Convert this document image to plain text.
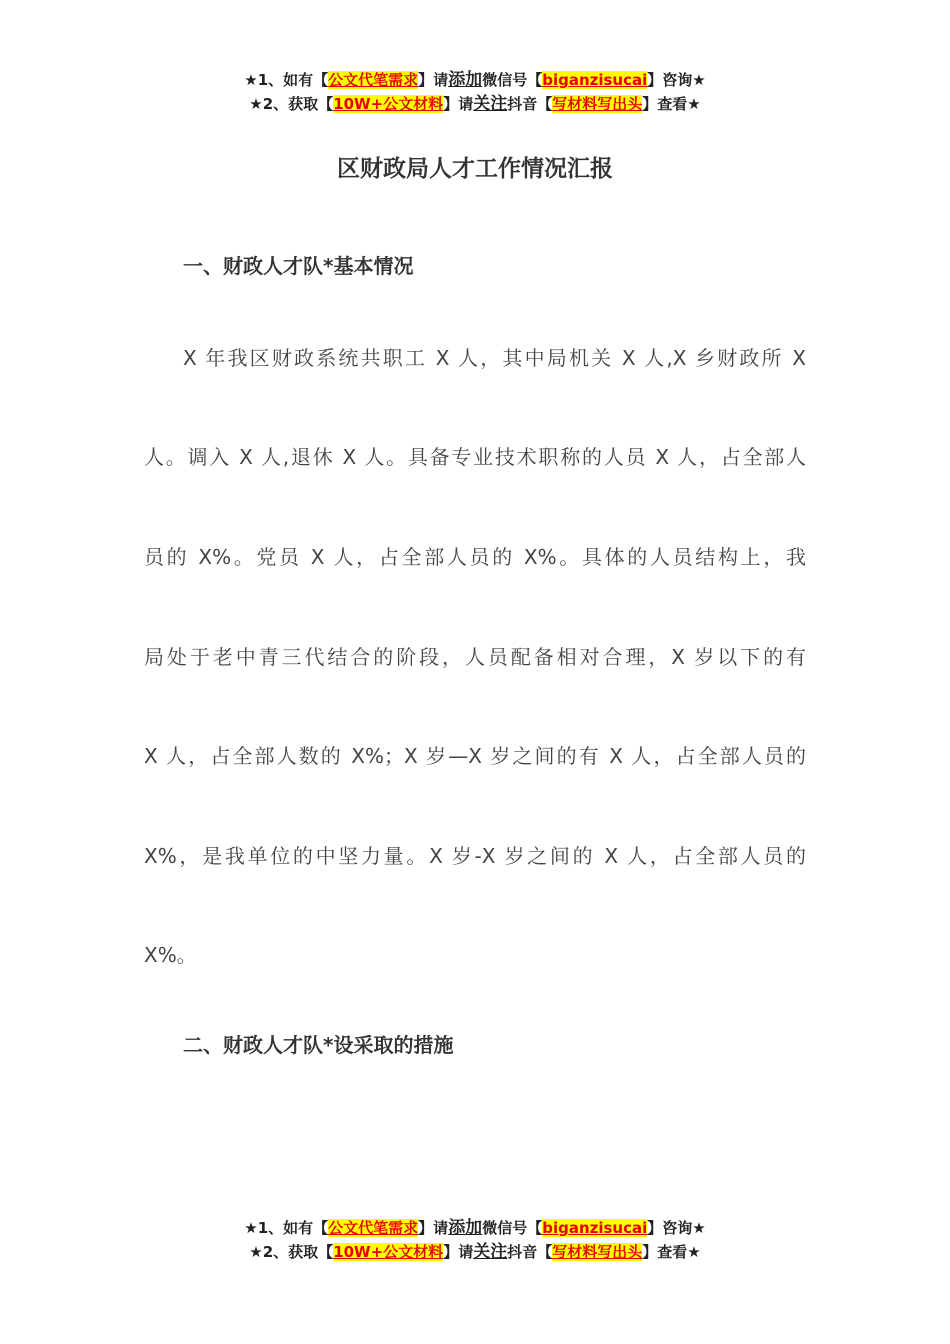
★1、如有【公文代笔需求】请添加微信号【biganzisucai】咨询★
★2、获取【10W+公文材料】请关注抖音【写材料写出头】查看★
区财政局人才工作情况汇报
一、财政人才队*基本情况
X 年我区财政系统共职工 X 人，其中局机关 X 人,X 乡财政所 X
人。调入 X 人,退休 X 人。具备专业技术职称的人员 X 人，占全部人
员的 X%。党员 X 人，占全部人员的 X%。具体的人员结构上，我
局处于老中青三代结合的阶段，人员配备相对合理，X 岁以下的有
X 人，占全部人数的 X%；X 岁—X 岁之间的有 X 人，占全部人员的
X%，是我单位的中坚力量。X 岁-X 岁之间的 X 人，占全部人员的
X%。
二、财政人才队*设采取的措施
★1、如有【公文代笔需求】请添加微信号【biganzisucai】咨询★
★2、获取【10W+公文材料】请关注抖音【写材料写出头】查看★
